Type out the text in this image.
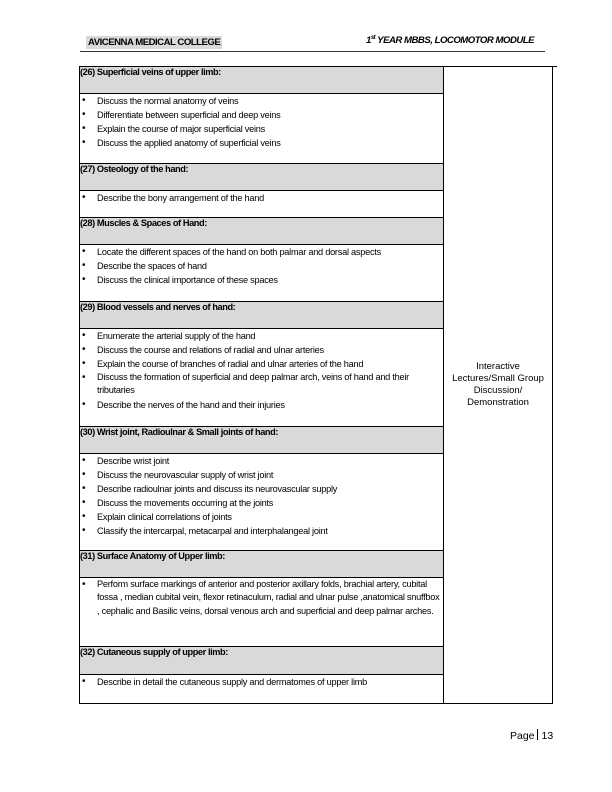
AVICENNA MEDICAL COLLEGE	1st YEAR MBBS, LOCOMOTOR MODULE
(26) Superficial veins of upper limb:	Interactive Lectures/Small Group Discussion/ Demonstration

• Discuss the normal anatomy of veins
• Differentiate between superficial and deep veins
• Explain the course of major superficial veins
• Discuss the applied anatomy of superficial veins

(27) Osteology of the hand:

• Describe the bony arrangement of the hand

(28) Muscles & Spaces of Hand:

• Locate the different spaces of the hand on both palmar and dorsal aspects
• Describe the spaces of hand
• Discuss the clinical importance of these spaces

(29) Blood vessels and nerves of hand:

• Enumerate the arterial supply of the hand
• Discuss the course and relations of radial and ulnar arteries
• Explain the course of branches of radial and ulnar arteries of the hand
• Discuss the formation of superficial and deep palmar arch, veins of hand and their tributaries
• Describe the nerves of the hand and their injuries

(30) Wrist joint, Radioulnar & Small joints of hand:

• Describe wrist joint
• Discuss the neurovascular supply of wrist joint
• Describe radioulnar joints and discuss its neurovascular supply
• Discuss the movements occurring at the joints
• Explain clinical correlations of joints
• Classify the intercarpal, metacarpal and interphalangeal joint

(31) Surface Anatomy of Upper limb:

• Perform surface markings of anterior and posterior axillary folds, brachial artery, cubital fossa , median cubital vein, flexor retinaculum, radial and ulnar pulse ,anatomical snuffbox , cephalic and Basilic veins, dorsal venous arch and superficial and deep palmar arches.

(32) Cutaneous supply of upper limb:

• Describe in detail the cutaneous supply and dermatomes of upper limb
Page 13
